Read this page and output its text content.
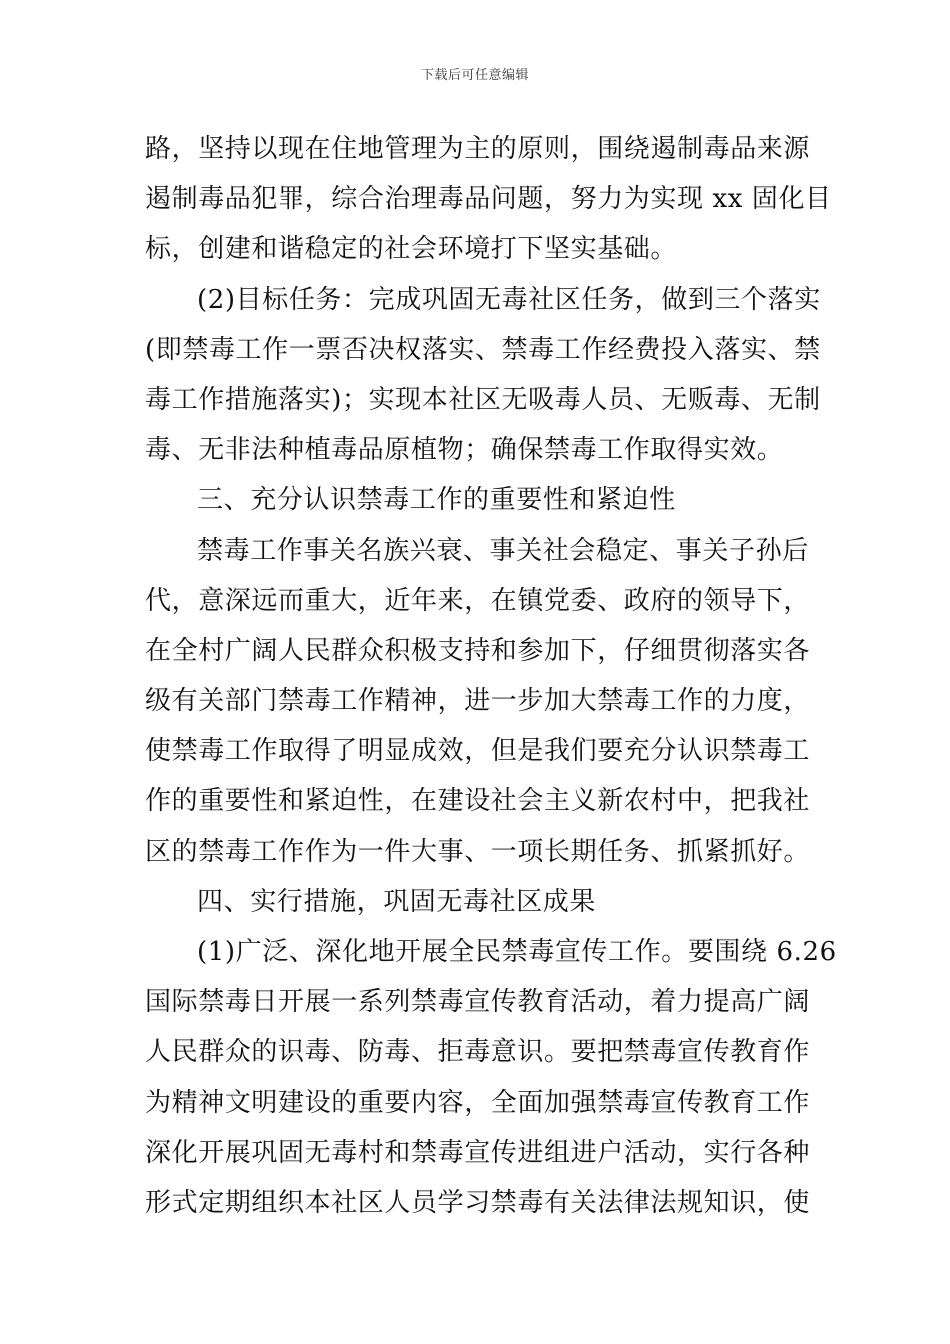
下载后可任意编辑
路，坚持以现在住地管理为主的原则，围绕遏制毒品来源
遏制毒品犯罪，综合治理毒品问题，努力为实现 xx 固化目
标，创建和谐稳定的社会环境打下坚实基础。
(2)目标任务：完成巩固无毒社区任务，做到三个落实
(即禁毒工作一票否决权落实、禁毒工作经费投入落实、禁
毒工作措施落实)；实现本社区无吸毒人员、无贩毒、无制
毒、无非法种植毒品原植物；确保禁毒工作取得实效。
三、充分认识禁毒工作的重要性和紧迫性
禁毒工作事关名族兴衰、事关社会稳定、事关子孙后
代，意深远而重大，近年来，在镇党委、政府的领导下，
在全村广阔人民群众积极支持和参加下，仔细贯彻落实各
级有关部门禁毒工作精神，进一步加大禁毒工作的力度，
使禁毒工作取得了明显成效，但是我们要充分认识禁毒工
作的重要性和紧迫性，在建设社会主义新农村中，把我社
区的禁毒工作作为一件大事、一项长期任务、抓紧抓好。
四、实行措施，巩固无毒社区成果
(1)广泛、深化地开展全民禁毒宣传工作。要围绕 6.26
国际禁毒日开展一系列禁毒宣传教育活动，着力提高广阔
人民群众的识毒、防毒、拒毒意识。要把禁毒宣传教育作
为精神文明建设的重要内容，全面加强禁毒宣传教育工作
深化开展巩固无毒村和禁毒宣传进组进户活动，实行各种
形式定期组织本社区人员学习禁毒有关法律法规知识，使
